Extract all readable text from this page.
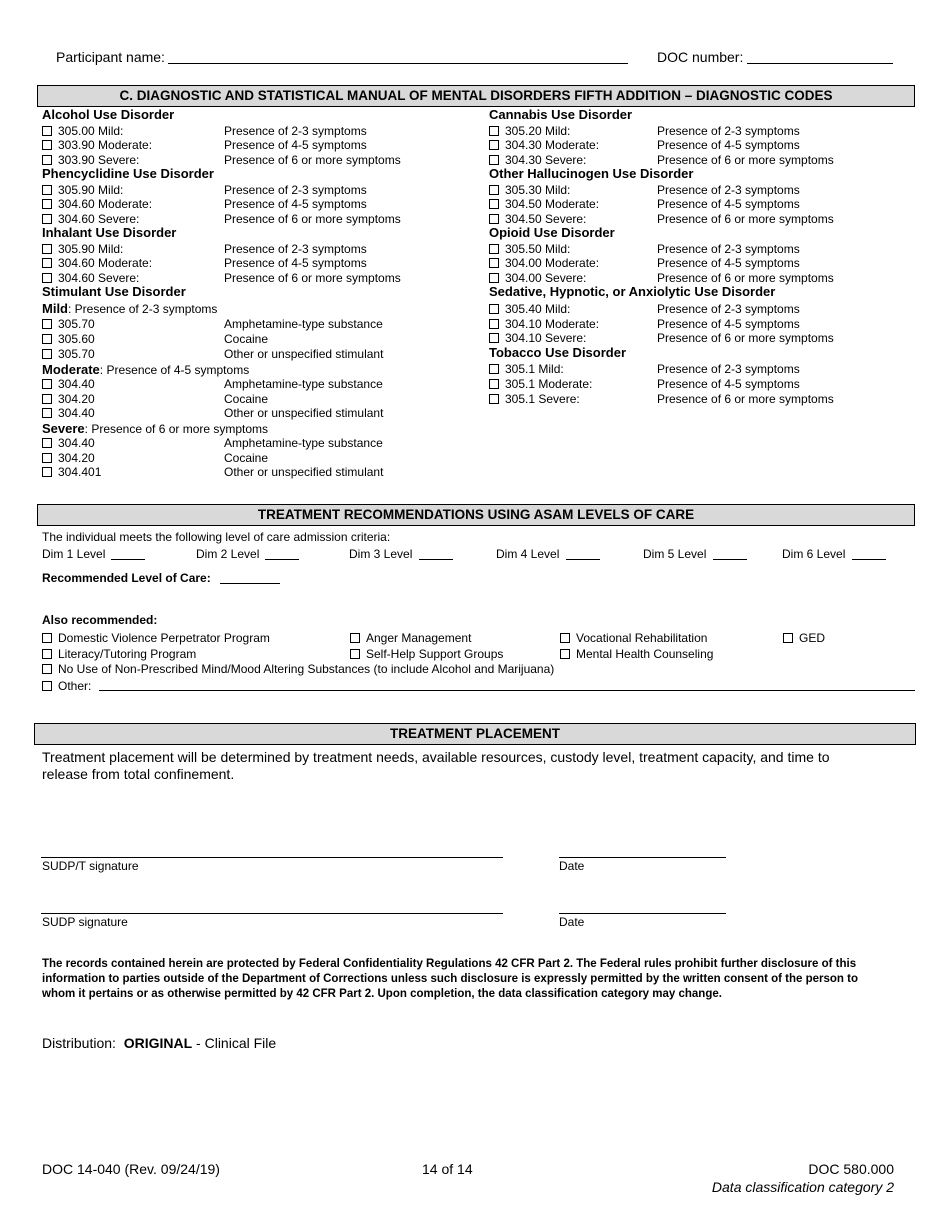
Participant name:	DOC number:
C. DIAGNOSTIC AND STATISTICAL MANUAL OF MENTAL DISORDERS FIFTH ADDITION – DIAGNOSTIC CODES
Alcohol Use Disorder
305.00 Mild:	Presence of 2-3 symptoms
303.90 Moderate:	Presence of 4-5 symptoms
303.90 Severe:	Presence of 6 or more symptoms
Phencyclidine Use Disorder
305.90 Mild:	Presence of 2-3 symptoms
304.60 Moderate:	Presence of 4-5 symptoms
304.60 Severe:	Presence of 6 or more symptoms
Inhalant Use Disorder
305.90 Mild:	Presence of 2-3 symptoms
304.60 Moderate:	Presence of 4-5 symptoms
304.60 Severe:	Presence of 6 or more symptoms
Stimulant Use Disorder
Mild: Presence of 2-3 symptoms
305.70	Amphetamine-type substance
305.60	Cocaine
305.70	Other or unspecified stimulant
Moderate: Presence of 4-5 symptoms
304.40	Amphetamine-type substance
304.20	Cocaine
304.40	Other or unspecified stimulant
Severe: Presence of 6 or more symptoms
304.40	Amphetamine-type substance
304.20	Cocaine
304.401	Other or unspecified stimulant
Cannabis Use Disorder
305.20 Mild:	Presence of 2-3 symptoms
304.30 Moderate:	Presence of 4-5 symptoms
304.30 Severe:	Presence of 6 or more symptoms
Other Hallucinogen Use Disorder
305.30 Mild:	Presence of 2-3 symptoms
304.50 Moderate:	Presence of 4-5 symptoms
304.50 Severe:	Presence of 6 or more symptoms
Opioid Use Disorder
305.50 Mild:	Presence of 2-3 symptoms
304.00 Moderate:	Presence of 4-5 symptoms
304.00 Severe:	Presence of 6 or more symptoms
Sedative, Hypnotic, or Anxiolytic Use Disorder
305.40 Mild:	Presence of 2-3 symptoms
304.10 Moderate:	Presence of 4-5 symptoms
304.10 Severe:	Presence of 6 or more symptoms
Tobacco Use Disorder
305.1 Mild:	Presence of 2-3 symptoms
305.1 Moderate:	Presence of 4-5 symptoms
305.1 Severe:	Presence of 6 or more symptoms
TREATMENT RECOMMENDATIONS USING ASAM LEVELS OF CARE
The individual meets the following level of care admission criteria:
Dim 1 Level	Dim 2 Level	Dim 3 Level	Dim 4 Level	Dim 5 Level	Dim 6 Level
Recommended Level of Care:
Also recommended:
Domestic Violence Perpetrator Program	Anger Management	Vocational Rehabilitation	GED
Literacy/Tutoring Program	Self-Help Support Groups	Mental Health Counseling
No Use of Non-Prescribed Mind/Mood Altering Substances (to include Alcohol and Marijuana)
Other:
TREATMENT PLACEMENT
Treatment placement will be determined by treatment needs, available resources, custody level, treatment capacity, and time to release from total confinement.
SUDP/T signature	Date
SUDP signature	Date
The records contained herein are protected by Federal Confidentiality Regulations 42 CFR Part 2. The Federal rules prohibit further disclosure of this information to parties outside of the Department of Corrections unless such disclosure is expressly permitted by the written consent of the person to whom it pertains or as otherwise permitted by 42 CFR Part 2. Upon completion, the data classification category may change.
Distribution: ORIGINAL - Clinical File
DOC 14-040 (Rev. 09/24/19)	14 of 14	DOC 580.000
Data classification category 2
